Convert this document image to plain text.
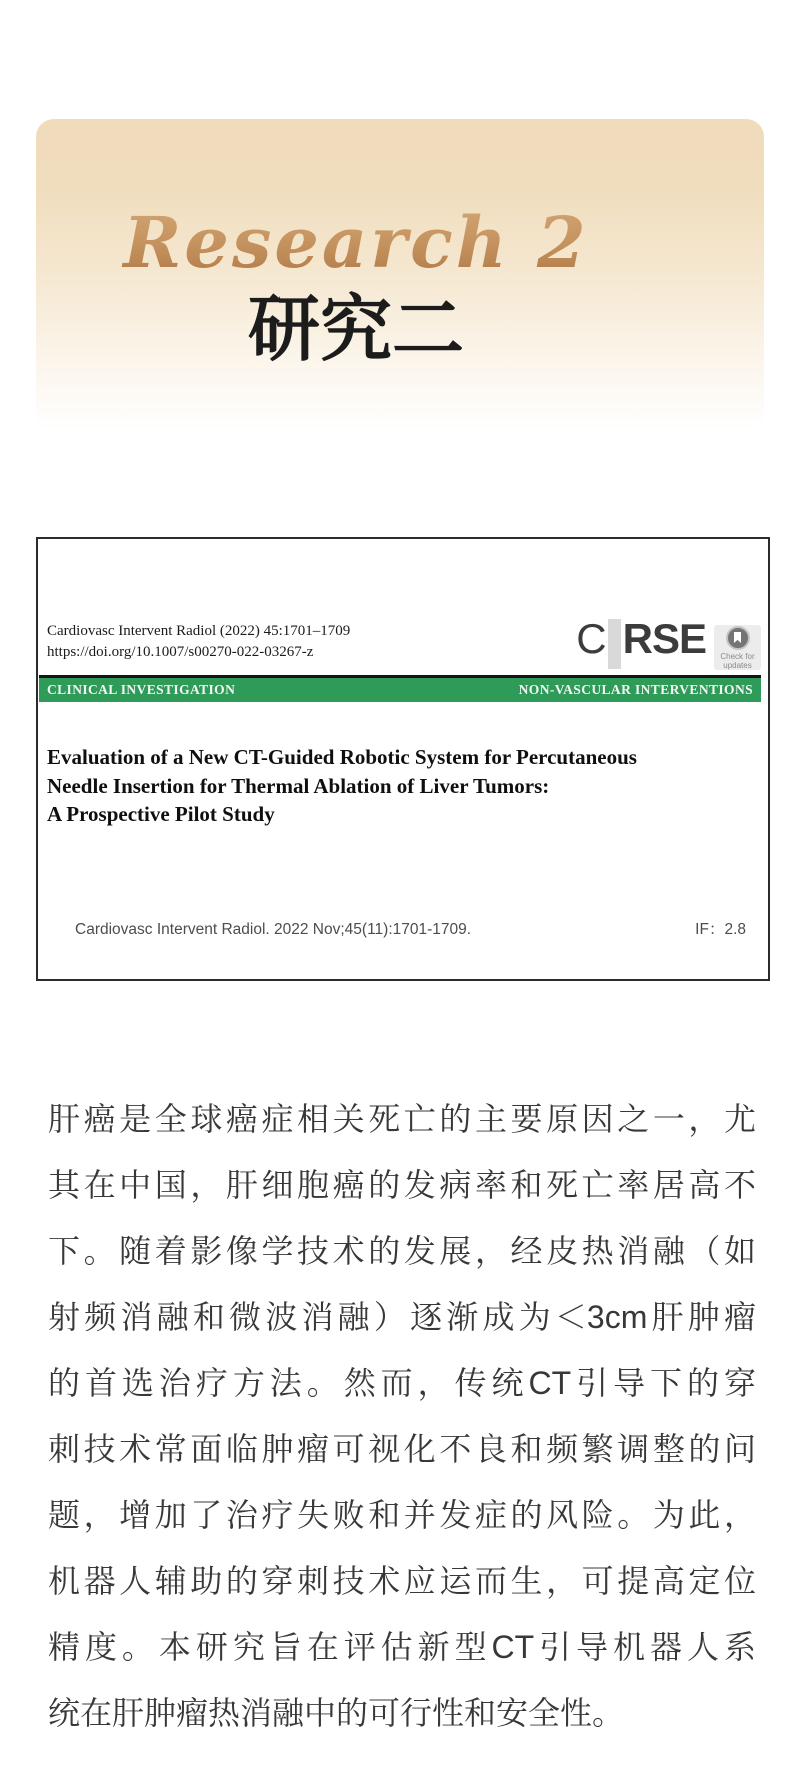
Research 2
研究二
Cardiovasc Intervent Radiol (2022) 45:1701–1709
https://doi.org/10.1007/s00270-022-03267-z	C RSE Check for
updates
CLINICAL INVESTIGATION	NON-VASCULAR INTERVENTIONS
Evaluation of a New CT-Guided Robotic System for Percutaneous
Needle Insertion for Thermal Ablation of Liver Tumors:
A Prospective Pilot Study
Cardiovasc Intervent Radiol. 2022 Nov;45(11):1701-1709.	IF：2.8
肝癌是全球癌症相关死亡的主要原因之一，尤
其在中国，肝细胞癌的发病率和死亡率居高不
下。随着影像学技术的发展，经皮热消融（如
射频消融和微波消融）逐渐成为＜3cm肝肿瘤
的首选治疗方法。然而，传统CT引导下的穿
刺技术常面临肿瘤可视化不良和频繁调整的问
题，增加了治疗失败和并发症的风险。为此，
机器人辅助的穿刺技术应运而生，可提高定位
精度。本研究旨在评估新型CT引导机器人系
统在肝肿瘤热消融中的可行性和安全性。
